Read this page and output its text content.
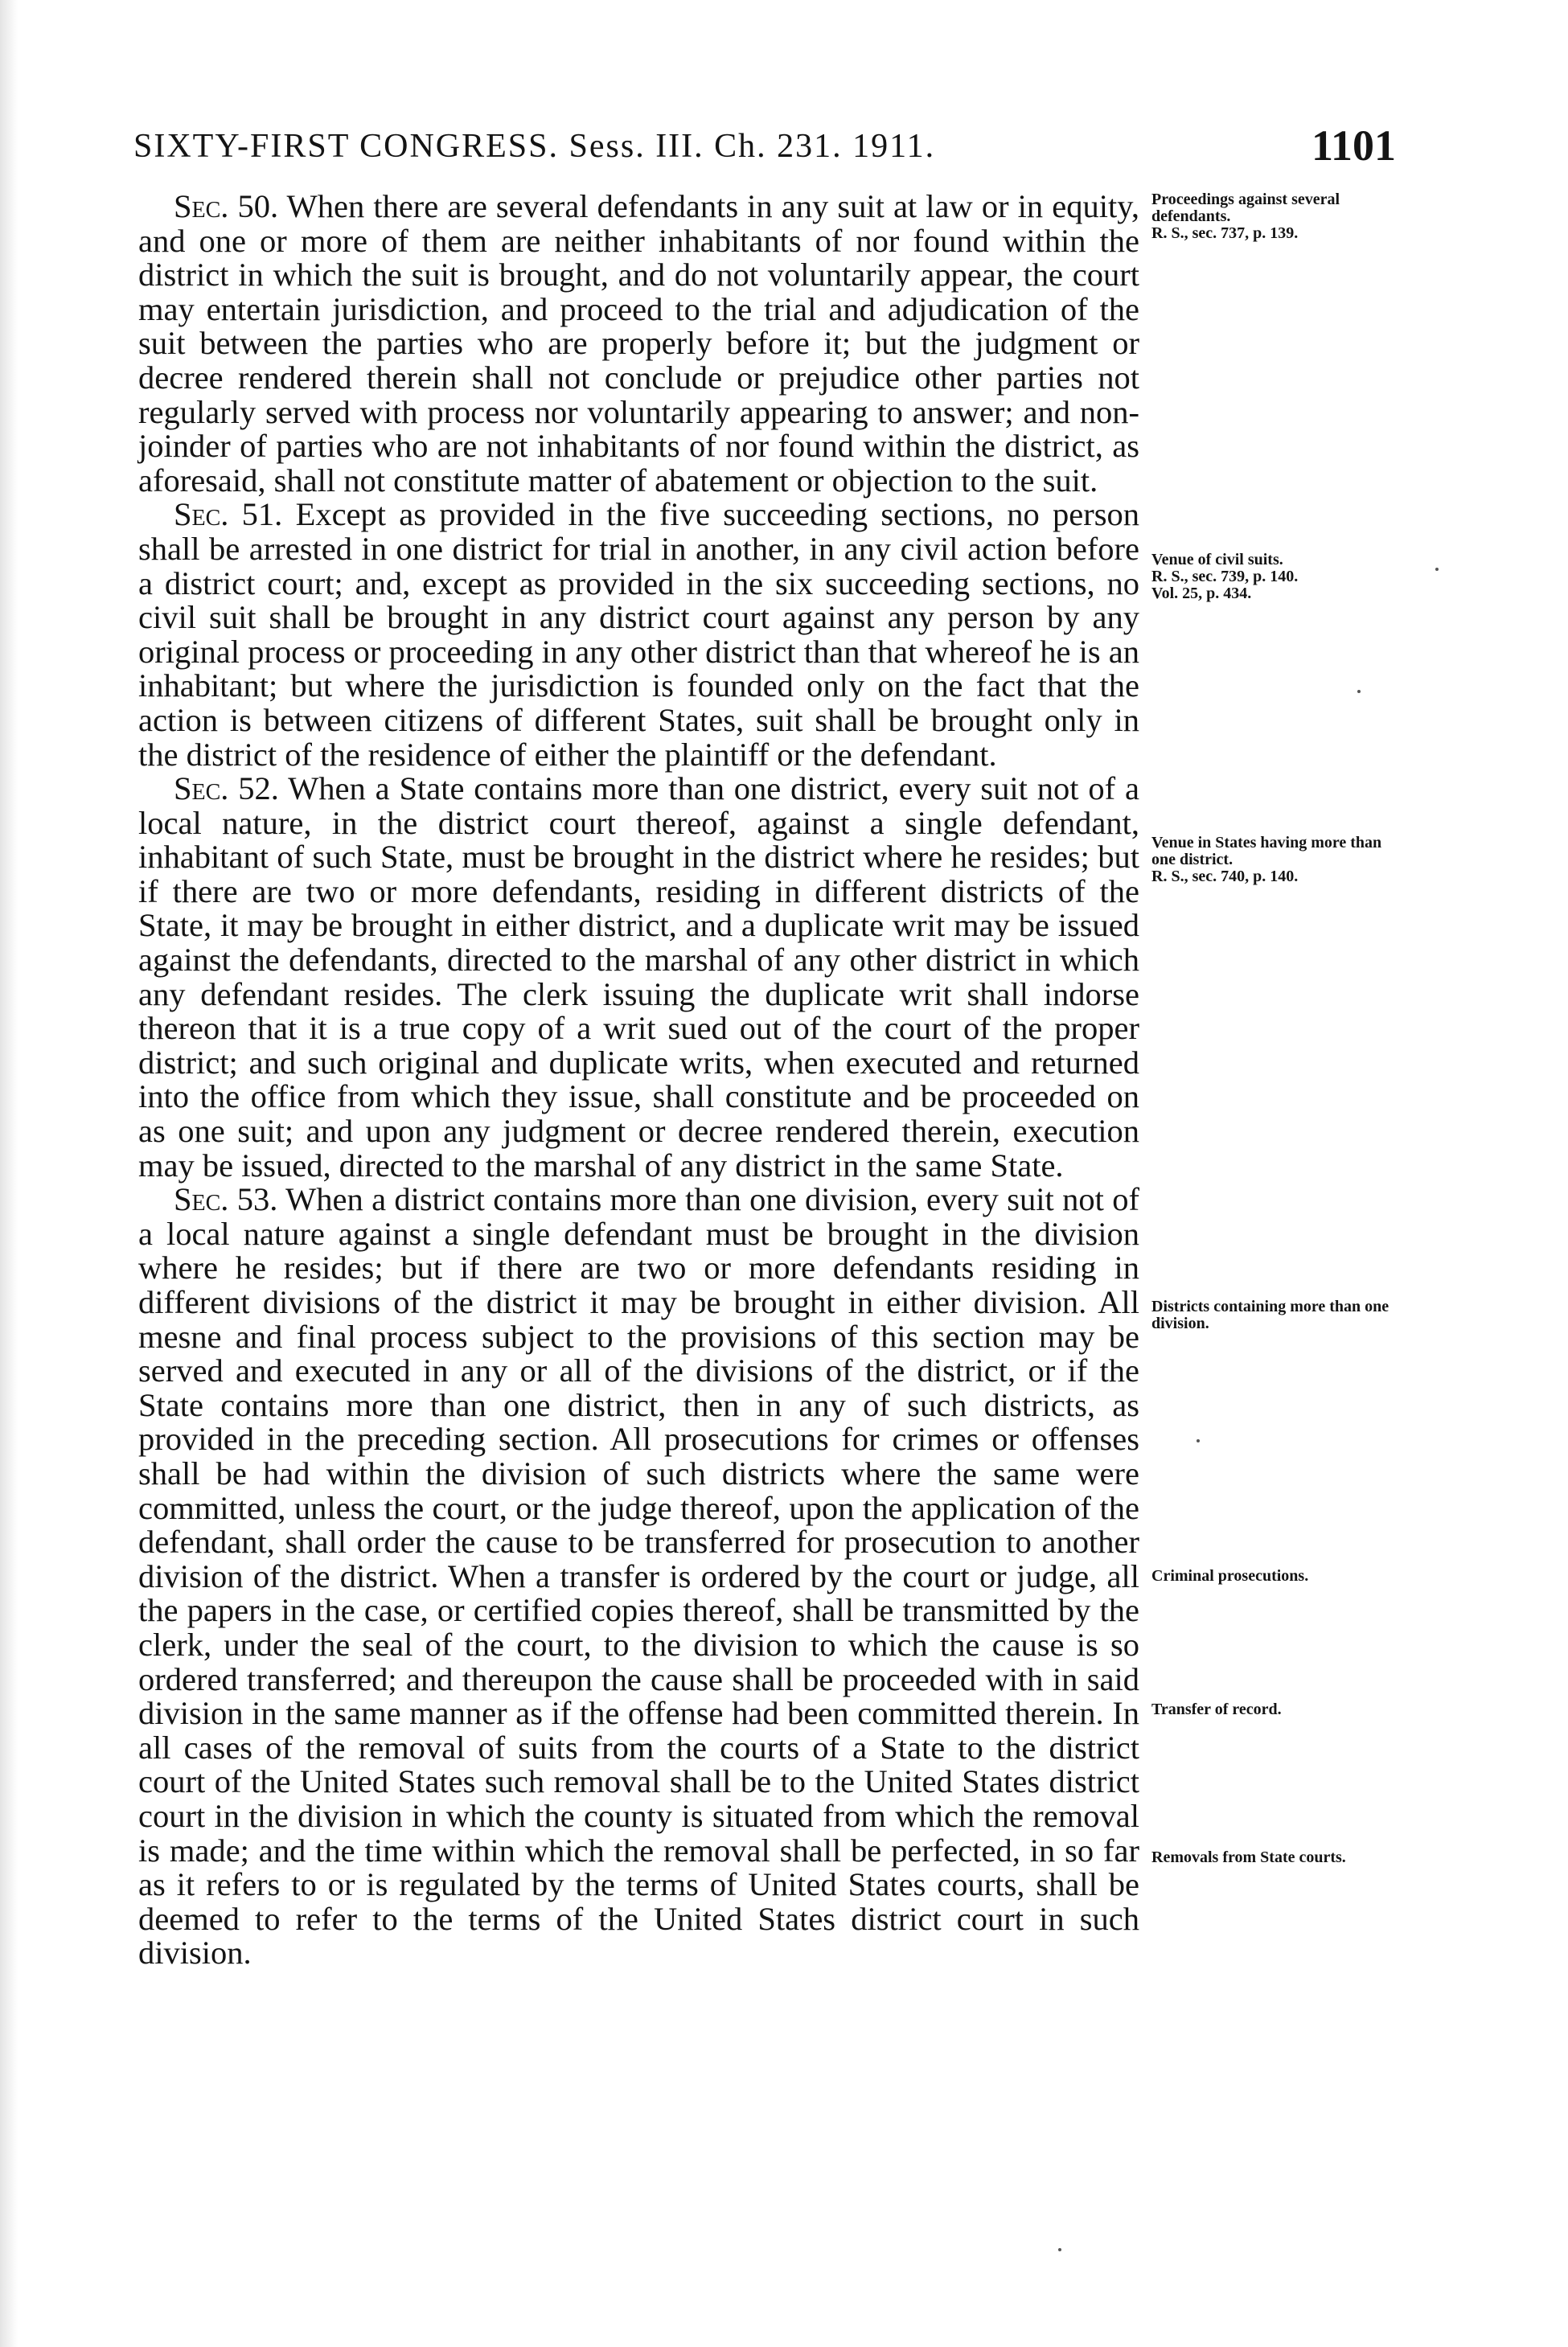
SIXTY-FIRST CONGRESS. Sess. III. Ch. 231. 1911.	1101

Sec. 50. When there are several defendants in any suit at law or in equity, and one or more of them are neither inhabitants of nor found within the district in which the suit is brought, and do not voluntarily appear, the court may entertain jurisdiction, and proceed to the trial and adjudication of the suit between the parties who are properly before it; but the judgment or decree rendered therein shall not conclude or prejudice other parties not regularly served with process nor voluntarily appearing to answer; and non-joinder of parties who are not inhabitants of nor found within the district, as aforesaid, shall not constitute matter of abatement or objection to the suit.

Sec. 51. Except as provided in the five succeeding sections, no person shall be arrested in one district for trial in another, in any civil action before a district court; and, except as provided in the six succeeding sections, no civil suit shall be brought in any district court against any person by any original process or proceeding in any other district than that whereof he is an inhabitant; but where the jurisdiction is founded only on the fact that the action is between citizens of different States, suit shall be brought only in the district of the residence of either the plaintiff or the defendant.

Sec. 52. When a State contains more than one district, every suit not of a local nature, in the district court thereof, against a single defendant, inhabitant of such State, must be brought in the district where he resides; but if there are two or more defendants, residing in different districts of the State, it may be brought in either district, and a duplicate writ may be issued against the defendants, directed to the marshal of any other district in which any defendant resides. The clerk issuing the duplicate writ shall indorse thereon that it is a true copy of a writ sued out of the court of the proper district; and such original and duplicate writs, when executed and returned into the office from which they issue, shall constitute and be proceeded on as one suit; and upon any judgment or decree rendered therein, execution may be issued, directed to the marshal of any district in the same State.

Sec. 53. When a district contains more than one division, every suit not of a local nature against a single defendant must be brought in the division where he resides; but if there are two or more defendants residing in different divisions of the district it may be brought in either division. All mesne and final process subject to the provisions of this section may be served and executed in any or all of the divisions of the district, or if the State contains more than one district, then in any of such districts, as provided in the preceding section. All prosecutions for crimes or offenses shall be had within the division of such districts where the same were committed, unless the court, or the judge thereof, upon the application of the defendant, shall order the cause to be transferred for prosecution to another division of the district. When a transfer is ordered by the court or judge, all the papers in the case, or certified copies thereof, shall be transmitted by the clerk, under the seal of the court, to the division to which the cause is so ordered transferred; and thereupon the cause shall be proceeded with in said division in the same manner as if the offense had been committed therein. In all cases of the removal of suits from the courts of a State to the district court of the United States such removal shall be to the United States district court in the division in which the county is situated from which the removal is made; and the time within which the removal shall be perfected, in so far as it refers to or is regulated by the terms of United States courts, shall be deemed to refer to the terms of the United States district court in such division.

Proceedings against several defendants.
R. S., sec. 737, p. 139.
Venue of civil suits.
R. S., sec. 739, p. 140.
Vol. 25, p. 434.
Venue in States having more than one district.
R. S., sec. 740, p. 140.
Districts containing more than one division.
Criminal prosecutions.
Transfer of record.
Removals from State courts.
